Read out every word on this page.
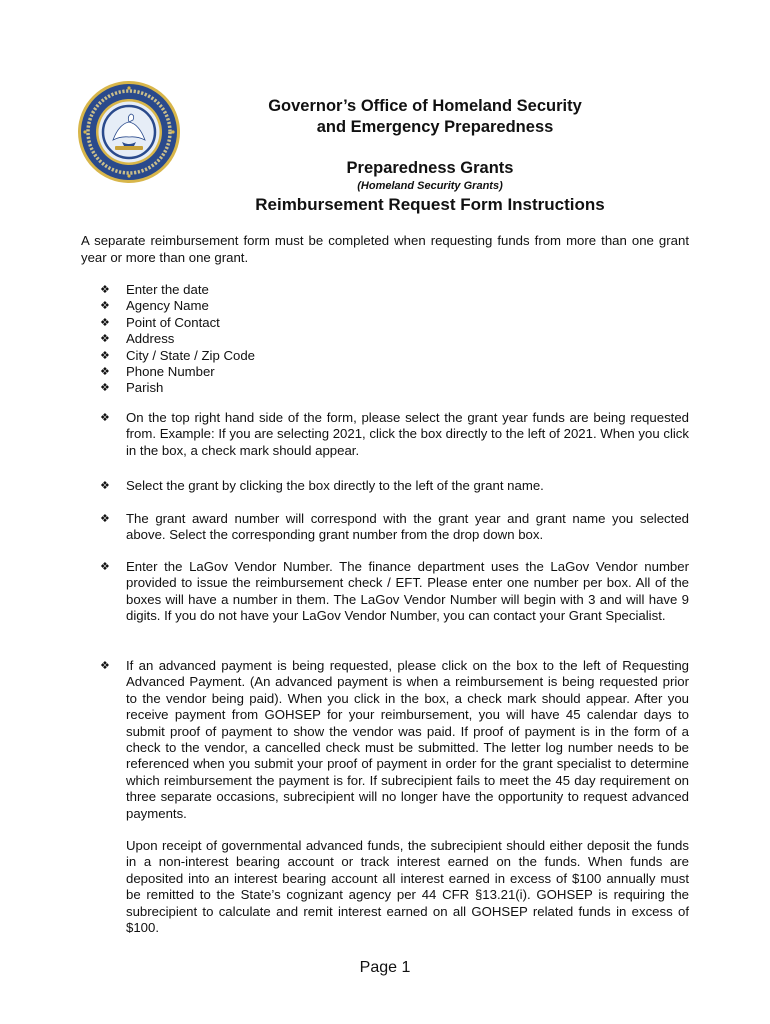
Governor’s Office of Homeland Security
and Emergency Preparedness
Preparedness Grants
(Homeland Security Grants)
Reimbursement Request Form Instructions
A separate reimbursement form must be completed when requesting funds from more than one grant year or more than one grant.
❖	Enter the date
❖	Agency Name
❖	Point of Contact
❖	Address
❖	City / State / Zip Code
❖	Phone Number
❖	Parish
❖	On the top right hand side of the form, please select the grant year funds are being requested from. Example: If you are selecting 2021, click the box directly to the left of 2021. When you click in the box, a check mark should appear.
❖	Select the grant by clicking the box directly to the left of the grant name.
❖	The grant award number will correspond with the grant year and grant name you selected above. Select the corresponding grant number from the drop down box.
❖	Enter the LaGov Vendor Number. The finance department uses the LaGov Vendor number provided to issue the reimbursement check / EFT. Please enter one number per box. All of the boxes will have a number in them. The LaGov Vendor Number will begin with 3 and will have 9 digits. If you do not have your LaGov Vendor Number, you can contact your Grant Specialist.
❖	If an advanced payment is being requested, please click on the box to the left of Requesting Advanced Payment. (An advanced payment is when a reimbursement is being requested prior to the vendor being paid). When you click in the box, a check mark should appear. After you receive payment from GOHSEP for your reimbursement, you will have 45 calendar days to submit proof of payment to show the vendor was paid. If proof of payment is in the form of a check to the vendor, a cancelled check must be submitted. The letter log number needs to be referenced when you submit your proof of payment in order for the grant specialist to determine which reimbursement the payment is for. If subrecipient fails to meet the 45 day requirement on three separate occasions, subrecipient will no longer have the opportunity to request advanced payments.
Upon receipt of governmental advanced funds, the subrecipient should either deposit the funds in a non-interest bearing account or track interest earned on the funds. When funds are deposited into an interest bearing account all interest earned in excess of $100 annually must be remitted to the State’s cognizant agency per 44 CFR §13.21(i). GOHSEP is requiring the subrecipient to calculate and remit interest earned on all GOHSEP related funds in excess of $100.
Page 1
